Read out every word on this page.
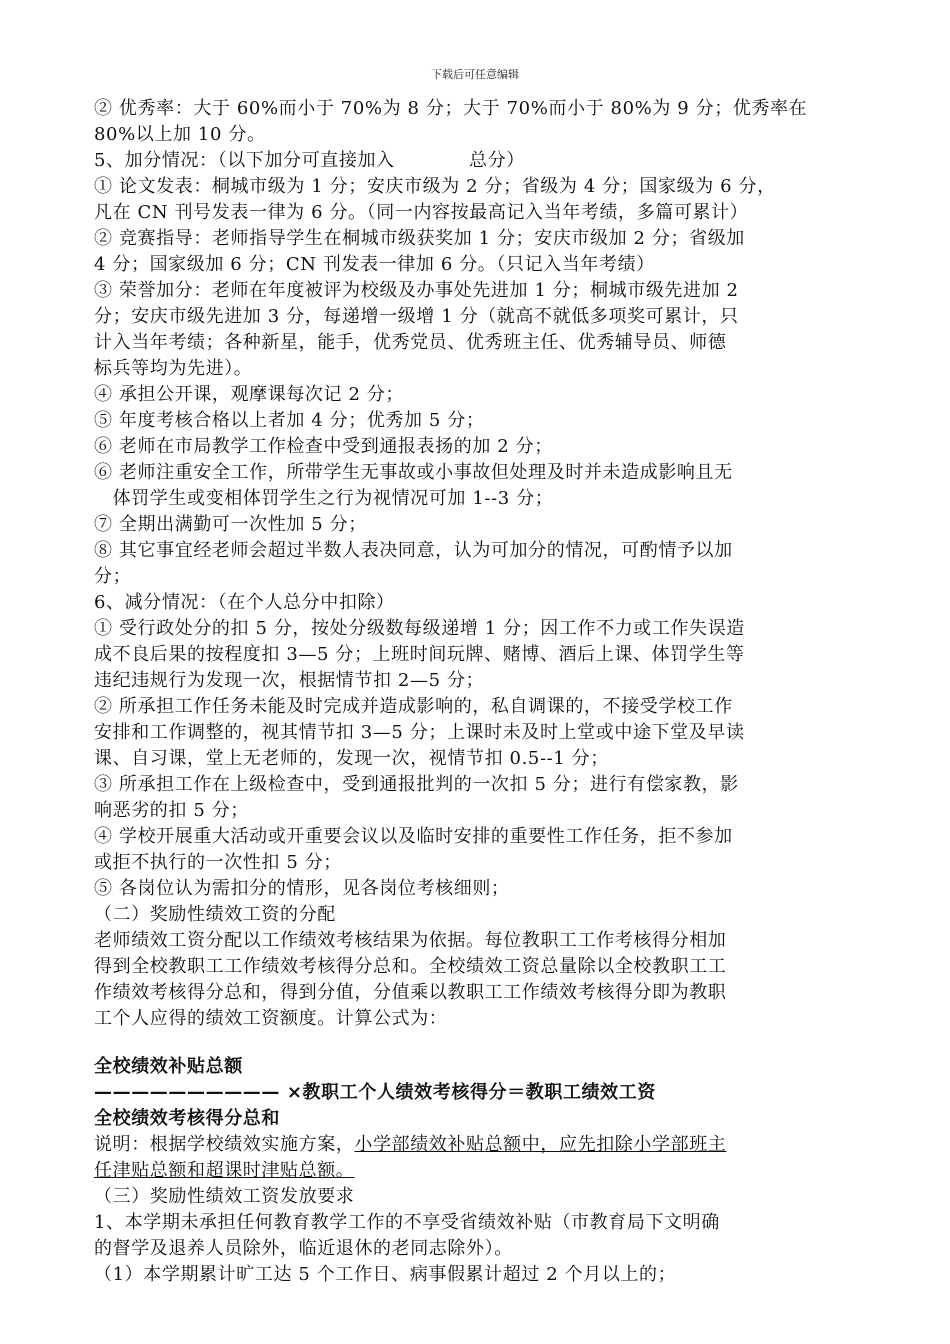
下载后可任意编辑
② 优秀率：大于 60%而小于 70%为 8 分；大于 70%而小于 80%为 9 分；优秀率在
80%以上加 10 分。
5、加分情况：（以下加分可直接加入　　　　总分）
① 论文发表：桐城市级为 1 分；安庆市级为 2 分；省级为 4 分；国家级为 6 分，
凡在 CN 刊号发表一律为 6 分。（同一内容按最高记入当年考绩，多篇可累计）
② 竞赛指导：老师指导学生在桐城市级获奖加 1 分；安庆市级加 2 分；省级加
4 分；国家级加 6 分；CN 刊发表一律加 6 分。（只记入当年考绩）
③ 荣誉加分：老师在年度被评为校级及办事处先进加 1 分；桐城市级先进加 2
分；安庆市级先进加 3 分，每递增一级增 1 分（就高不就低多项奖可累计，只
计入当年考绩；各种新星，能手，优秀党员、优秀班主任、优秀辅导员、师德
标兵等均为先进）。
④ 承担公开课，观摩课每次记 2 分；
⑤ 年度考核合格以上者加 4 分；优秀加 5 分；
⑥ 老师在市局教学工作检查中受到通报表扬的加 2 分；
⑥ 老师注重安全工作，所带学生无事故或小事故但处理及时并未造成影响且无
　体罚学生或变相体罚学生之行为视情况可加 1--3 分；
⑦ 全期出满勤可一次性加 5 分；
⑧ 其它事宜经老师会超过半数人表决同意，认为可加分的情况，可酌情予以加
分；
6、减分情况：（在个人总分中扣除）
① 受行政处分的扣 5 分，按处分级数每级递增 1 分；因工作不力或工作失误造
成不良后果的按程度扣 3—5 分；上班时间玩牌、赌博、酒后上课、体罚学生等
违纪违规行为发现一次，根据情节扣 2—5 分；
② 所承担工作任务未能及时完成并造成影响的，私自调课的，不接受学校工作
安排和工作调整的，视其情节扣 3—5 分；上课时未及时上堂或中途下堂及早读
课、自习课，堂上无老师的，发现一次，视情节扣 0.5--1 分；
③ 所承担工作在上级检查中，受到通报批判的一次扣 5 分；进行有偿家教，影
响恶劣的扣 5 分；
④ 学校开展重大活动或开重要会议以及临时安排的重要性工作任务，拒不参加
或拒不执行的一次性扣 5 分；
⑤ 各岗位认为需扣分的情形，见各岗位考核细则；
（二）奖励性绩效工资的分配
老师绩效工资分配以工作绩效考核结果为依据。每位教职工工作考核得分相加
得到全校教职工工作绩效考核得分总和。全校绩效工资总量除以全校教职工工
作绩效考核得分总和，得到分值，分值乘以教职工工作绩效考核得分即为教职
工个人应得的绩效工资额度。计算公式为：
全校绩效补贴总额
—————————— ×教职工个人绩效考核得分＝教职工绩效工资
全校绩效考核得分总和
说明：根据学校绩效实施方案，小学部绩效补贴总额中，应先扣除小学部班主
任津贴总额和超课时津贴总额。
（三）奖励性绩效工资发放要求
1、本学期未承担任何教育教学工作的不享受省绩效补贴（市教育局下文明确
的督学及退养人员除外，临近退休的老同志除外）。
（1）本学期累计旷工达 5 个工作日、病事假累计超过 2 个月以上的；
